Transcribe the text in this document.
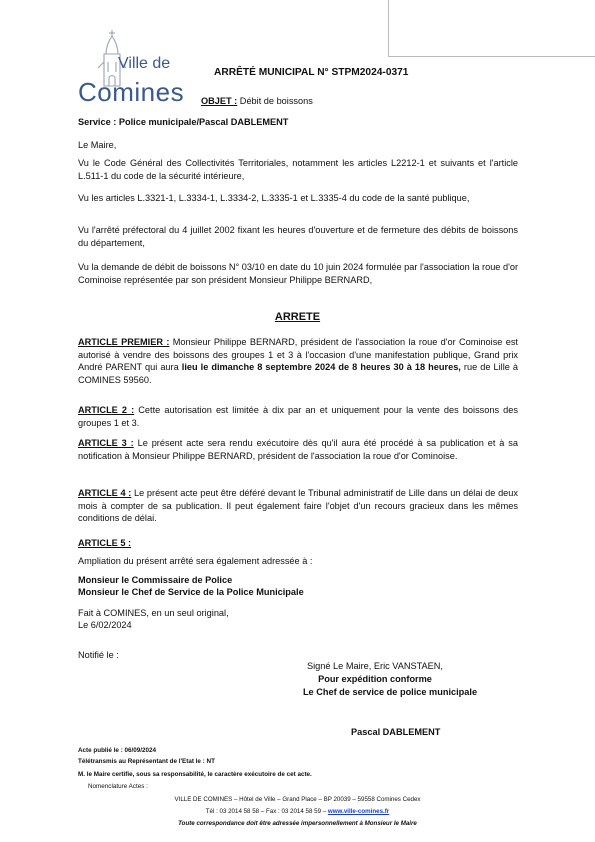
Ville de
Comines
ARRÊTÉ MUNICIPAL N° STPM2024-0371
OBJET : Débit de boissons
Service : Police municipale/Pascal DABLEMENT
Le Maire,

Vu le Code Général des Collectivités Territoriales, notamment les articles L2212-1 et suivants et l'article L.511-1 du code de la sécurité intérieure,

Vu les articles L.3321-1, L.3334-1, L.3334-2, L.3335-1 et L.3335-4 du code de la santé publique,

Vu l'arrêté préfectoral du 4 juillet 2002 fixant les heures d'ouverture et de fermeture des débits de boissons du département,

Vu la demande de débit de boissons N° 03/10 en date du 10 juin 2024 formulée par l'association la roue d'or Cominoise représentée par son président Monsieur Philippe BERNARD,

ARRETE

ARTICLE PREMIER : Monsieur Philippe BERNARD, président de l'association la roue d'or Cominoise est autorisé à vendre des boissons des groupes 1 et 3 à l'occasion d'une manifestation publique, Grand prix André PARENT qui aura lieu le dimanche 8 septembre 2024 de 8 heures 30 à 18 heures, rue de Lille à COMINES 59560.

ARTICLE 2 : Cette autorisation est limitée à dix par an et uniquement pour la vente des boissons des groupes 1 et 3.

ARTICLE 3 : Le présent acte sera rendu exécutoire dès qu'il aura été procédé à sa publication et à sa notification à Monsieur Philippe BERNARD, président de l'association la roue d'or Cominoise.

ARTICLE 4 : Le présent acte peut être déféré devant le Tribunal administratif de Lille dans un délai de deux mois à compter de sa publication. Il peut également faire l'objet d'un recours gracieux dans les mêmes conditions de délai.

ARTICLE 5 :
Ampliation du présent arrêté sera également adressée à :
Monsieur le Commissaire de Police
Monsieur le Chef de Service de la Police Municipale
Fait à COMINES, en un seul original,
Le 6/02/2024
Notifié le :
Signé Le Maire, Eric VANSTAEN,
Pour expédition conforme
Le Chef de service de police municipale
Pascal DABLEMENT
Acte publié le : 06/09/2024
Télétransmis au Représentant de l'Etat le : NT
M. le Maire certifie, sous sa responsabilité, le caractère exécutoire de cet acte.
Nomenclature Actes :
VILLE DE COMINES – Hôtel de Ville – Grand Place – BP 20039 – 59558 Comines Cedex
Tél : 03 2014 58 58 – Fax : 03 2014 58 59 – www.ville-comines.fr
Toute correspondance doit être adressée impersonnellement à Monsieur le Maire
